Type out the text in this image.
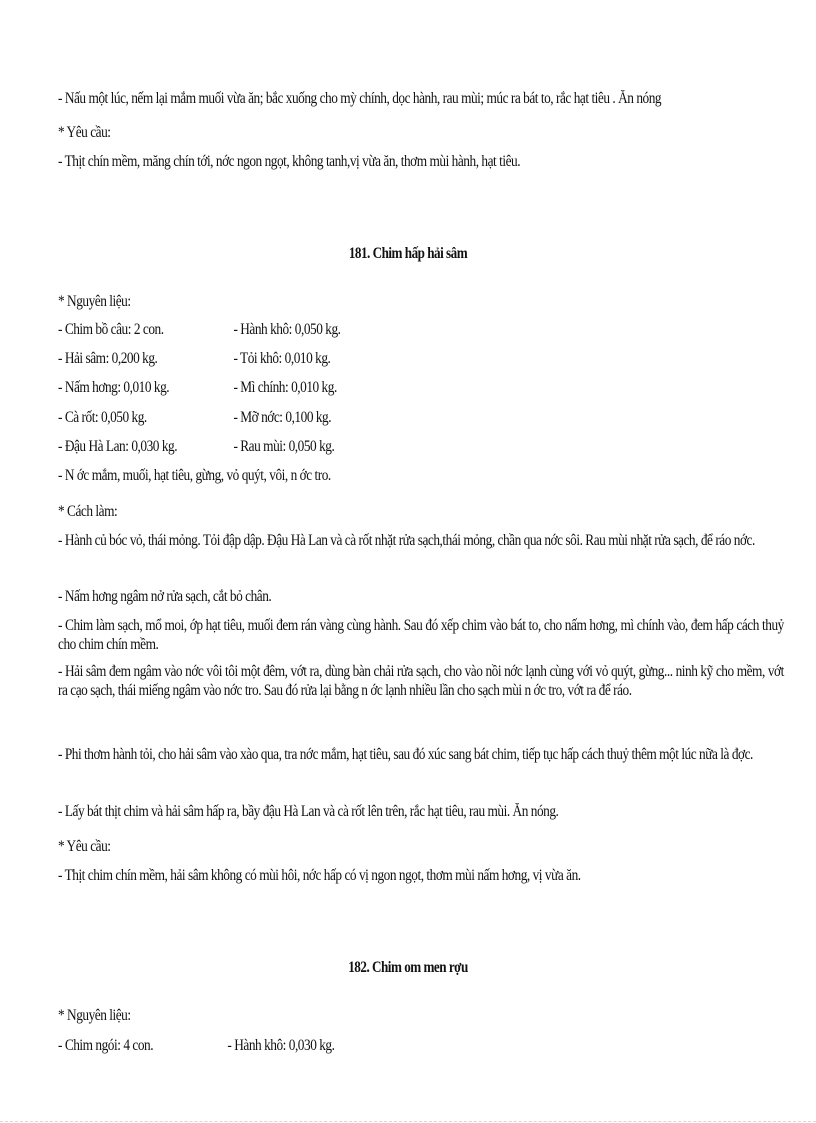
- Nấu một lúc, nếm lại mắm muối vừa ăn; bắc xuống cho mỳ chính, dọc hành, rau mùi; múc ra bát to, rắc hạt tiêu . Ăn nóng
* Yêu cầu:
- Thịt chín mềm, măng chín tới, nớc ngon ngọt, không tanh,vị vừa ăn, thơm mùi hành, hạt tiêu.
181. Chim hấp hải sâm
* Nguyên liệu:
- Chim bồ câu: 2 con.	- Hành khô: 0,050 kg.
- Hải sâm: 0,200 kg.	- Tỏi khô: 0,010 kg.
- Nấm hơng: 0,010 kg.	- Mì chính: 0,010 kg.
- Cà rốt: 0,050 kg.	- Mỡ nớc: 0,100 kg.
- Đậu Hà Lan: 0,030 kg.	- Rau mùi: 0,050 kg.
- N ớc mắm, muối, hạt tiêu, gừng, vỏ quýt, vôi, n ớc tro.
* Cách làm:
- Hành củ bóc vỏ, thái mỏng. Tỏi đập dập. Đậu Hà Lan và cà rốt nhặt rửa sạch,thái mỏng, chần qua nớc sôi. Rau mùi nhặt rửa sạch, để ráo nớc.
- Nấm hơng ngâm nở rửa sạch, cắt bỏ chân.
- Chim làm sạch, mổ moi, ớp hạt tiêu, muối đem rán vàng cùng hành. Sau đó xếp chim vào bát to, cho nấm hơng, mì chính vào, đem hấp cách thuỷ cho chim chín mềm.
- Hải sâm đem ngâm vào nớc vôi tôi một đêm, vớt ra, dùng bàn chải rửa sạch, cho vào nồi nớc lạnh cùng với vỏ quýt, gừng... ninh kỹ cho mềm, vớt ra cạo sạch, thái miếng ngâm vào nớc tro. Sau đó rửa lại bằng n ớc lạnh nhiều lần cho sạch mùi n ớc tro, vớt ra để ráo.
- Phi thơm hành tỏi, cho hải sâm vào xào qua, tra nớc mắm, hạt tiêu, sau đó xúc sang bát chim, tiếp tục hấp cách thuỷ thêm một lúc nữa là đợc.
- Lấy bát thịt chim và hải sâm hấp ra, bầy đậu Hà Lan và cà rốt lên trên, rắc hạt tiêu, rau mùi. Ăn nóng.
* Yêu cầu:
- Thịt chim chín mềm, hải sâm không có mùi hôi, nớc hấp có vị ngon ngọt, thơm mùi nấm hơng, vị vừa ăn.
182. Chim om men rợu
* Nguyên liệu:
- Chim ngói: 4 con.	- Hành khô: 0,030 kg.
